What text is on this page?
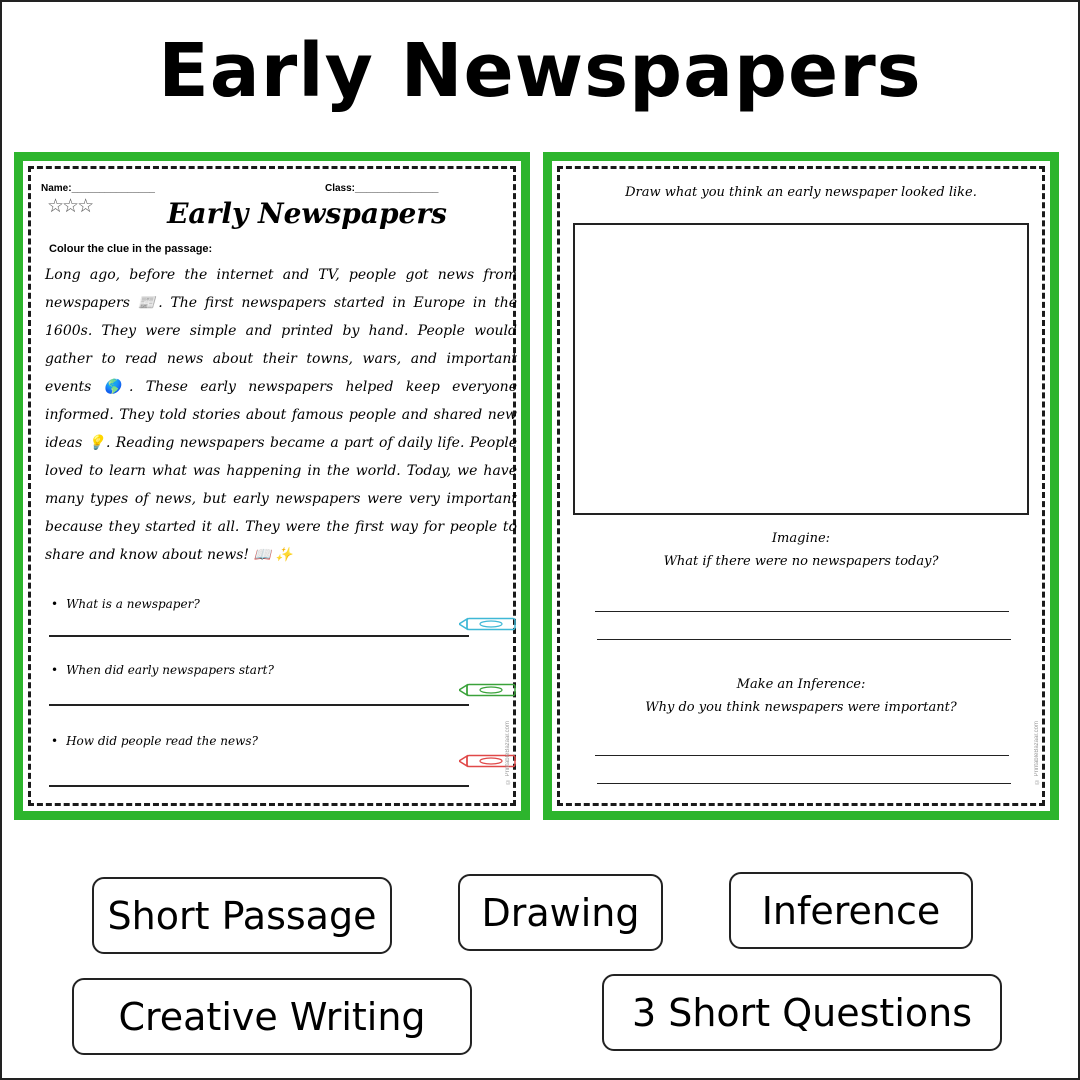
Early Newspapers
Name:_______________	Class:_______________
☆☆☆	Early Newspapers
Colour the clue in the passage:
Long ago, before the internet and TV, people got news from newspapers 📰. The first newspapers started in Europe in the 1600s. They were simple and printed by hand. People would gather to read news about their towns, wars, and important events 🌎. These early newspapers helped keep everyone informed. They told stories about famous people and shared new ideas 💡. Reading newspapers became a part of daily life. People loved to learn what was happening in the world. Today, we have many types of news, but early newspapers were very important because they started it all. They were the first way for people to share and know about news! 📖 ✨
• What is a newspaper?
• When did early newspapers start?
• How did people read the news?	© PrintableBazaar.com
Draw what you think an early newspaper looked like.
Imagine:
What if there were no newspapers today?
Make an Inference:
Why do you think newspapers were important?
© PrintableBazaar.com
Short Passage	Drawing	Inference
Creative Writing	3 Short Questions
